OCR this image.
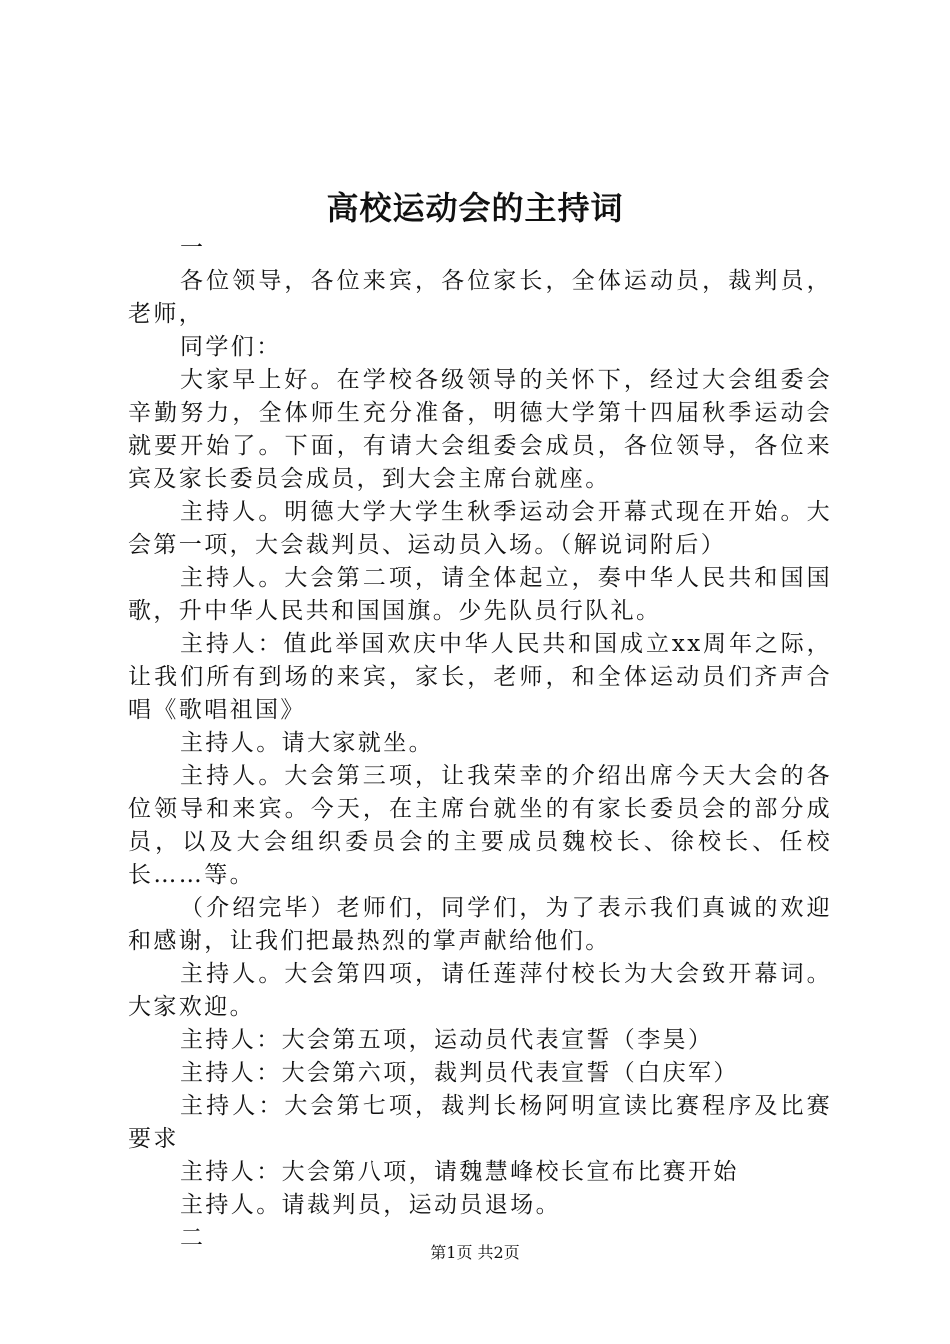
高校运动会的主持词

一

各位领导，各位来宾，各位家长，全体运动员，裁判员，老师，

同学们：

大家早上好。在学校各级领导的关怀下，经过大会组委会辛勤努力，全体师生充分准备，明德大学第十四届秋季运动会就要开始了。下面，有请大会组委会成员，各位领导，各位来宾及家长委员会成员，到大会主席台就座。

主持人。明德大学大学生秋季运动会开幕式现在开始。大会第一项，大会裁判员、运动员入场。（解说词附后）

主持人。大会第二项，请全体起立，奏中华人民共和国国歌，升中华人民共和国国旗。少先队员行队礼。

主持人：值此举国欢庆中华人民共和国成立xx周年之际，让我们所有到场的来宾，家长，老师，和全体运动员们齐声合唱《歌唱祖国》

主持人。请大家就坐。

主持人。大会第三项，让我荣幸的介绍出席今天大会的各位领导和来宾。今天，在主席台就坐的有家长委员会的部分成员，以及大会组织委员会的主要成员魏校长、徐校长、任校长……等。

（介绍完毕）老师们，同学们，为了表示我们真诚的欢迎和感谢，让我们把最热烈的掌声献给他们。

主持人。大会第四项，请任莲萍付校长为大会致开幕词。大家欢迎。

主持人：大会第五项，运动员代表宣誓（李昊）

主持人：大会第六项，裁判员代表宣誓（白庆军）

主持人：大会第七项，裁判长杨阿明宣读比赛程序及比赛要求

主持人：大会第八项，请魏慧峰校长宣布比赛开始

主持人。请裁判员，运动员退场。

二

第1页 共2页
